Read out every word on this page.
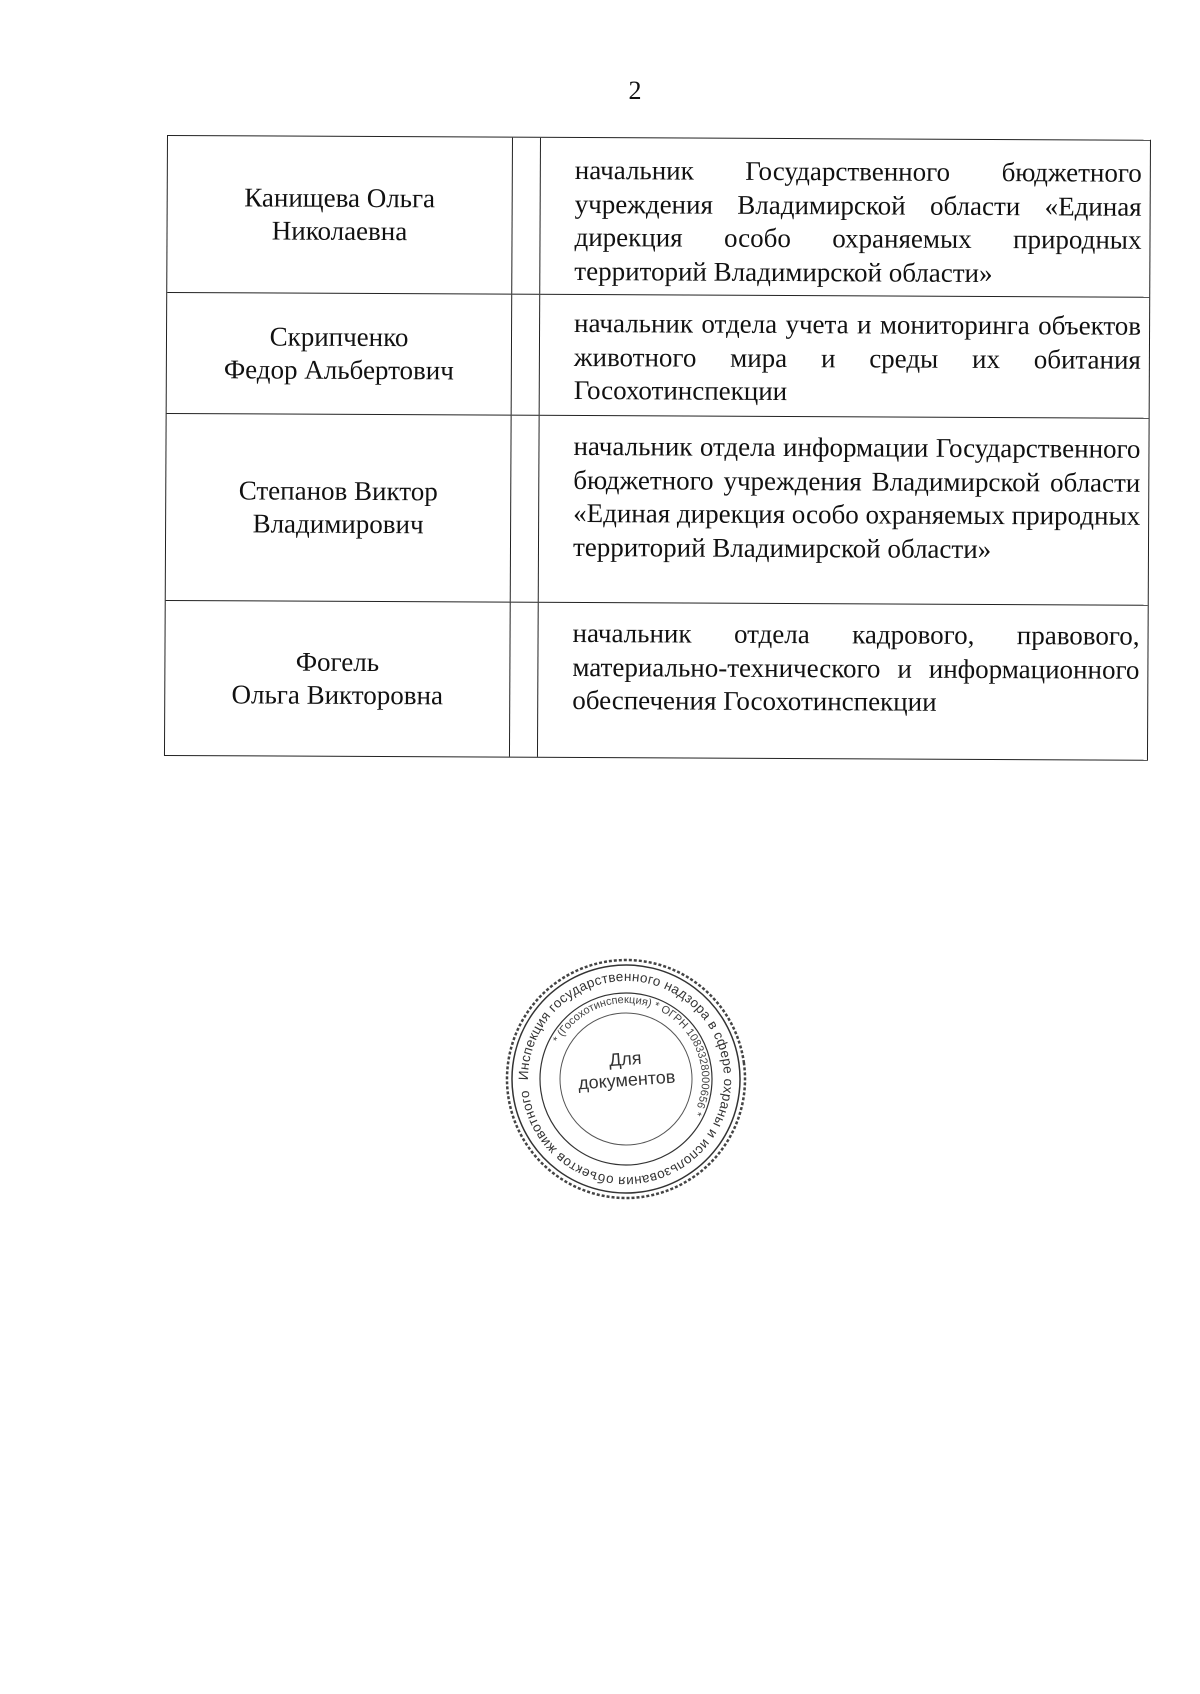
2
Канищева Ольга
Николаевна
начальник Государственного бюджетного учреждения Владимирской области «Единая дирекция особо охраняемых природных территорий Владимирской области»
Скрипченко
Федор Альбертович
начальник отдела учета и мониторинга объектов животного мира и среды их обитания Госохотинспекции
Степанов Виктор
Владимирович
начальник отдела информации Государственного бюджетного учреждения Владимирской области «Единая дирекция особо охраняемых природных территорий Владимирской области»
Фогель
Ольга Викторовна
начальник отдела кадрового, правового, материально-технического и информационного обеспечения Госохотинспекции
Инспекция государственного надзора в сфере охраны и использования объектов животного
* (Госохотинспекция) * ОГРН 1083328000656 *
Для
документов
